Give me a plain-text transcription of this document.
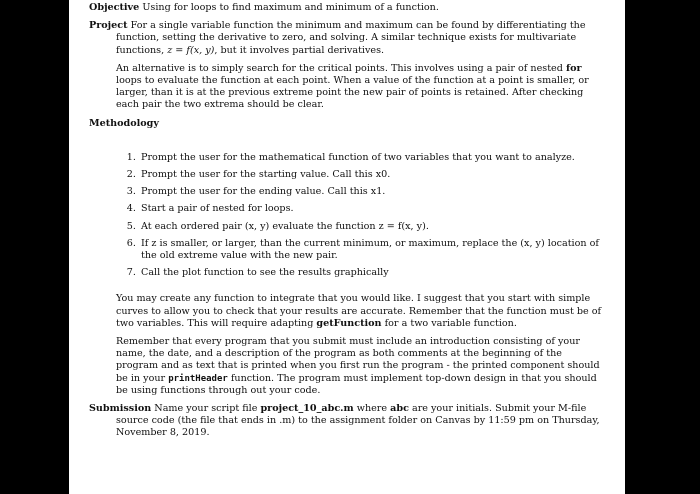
Objective Using for loops to find maximum and minimum of a function.

Project For a single variable function the minimum and maximum can be found by differentiating the function, setting the derivative to zero, and solving. A similar technique exists for multivariate functions, z = f(x, y), but it involves partial derivatives.

An alternative is to simply search for the critical points. This involves using a pair of nested for loops to evaluate the function at each point. When a value of the function at a point is smaller, or larger, than it is at the previous extreme point the new pair of points is retained. After checking each pair the two extrema should be clear.

Methodology

1. Prompt the user for the mathematical function of two variables that you want to analyze.
2. Prompt the user for the starting value. Call this x0.
3. Prompt the user for the ending value. Call this x1.
4. Start a pair of nested for loops.
5. At each ordered pair (x, y) evaluate the function z = f(x, y).
6. If z is smaller, or larger, than the current minimum, or maximum, replace the (x, y) location of the old extreme value with the new pair.
7. Call the plot function to see the results graphically

You may create any function to integrate that you would like. I suggest that you start with simple curves to allow you to check that your results are accurate. Remember that the function must be of two variables. This will require adapting getFunction for a two variable function.

Remember that every program that you submit must include an introduction consisting of your name, the date, and a description of the program as both comments at the beginning of the program and as text that is printed when you first run the program - the printed component should be in your printHeader function. The program must implement top-down design in that you should be using functions through out your code.

Submission Name your script file project_10_abc.m where abc are your initials. Submit your M-file source code (the file that ends in .m) to the assignment folder on Canvas by 11:59 pm on Thursday, November 8, 2019.
